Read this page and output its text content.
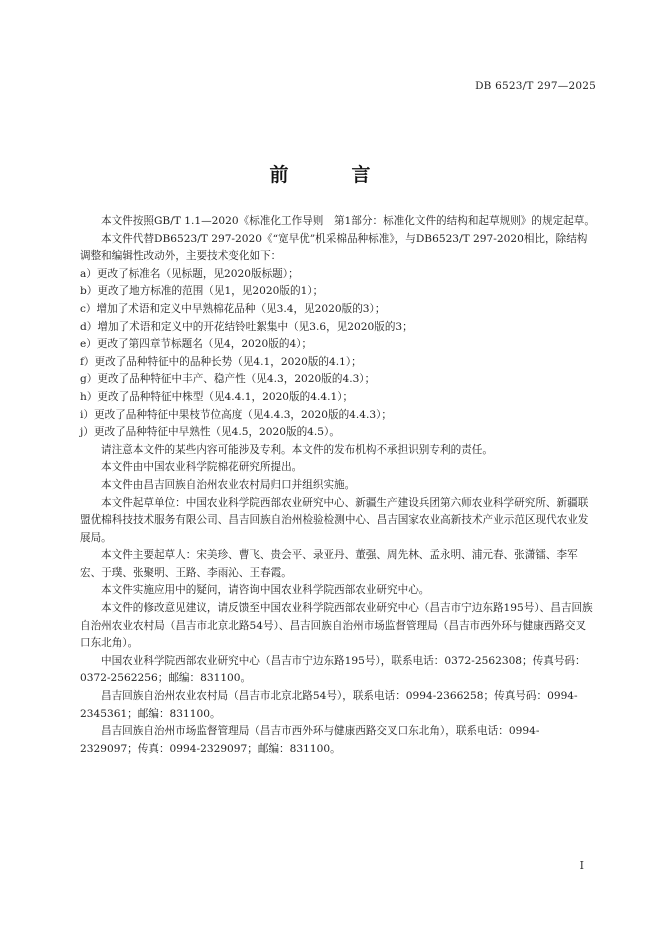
DB 6523/T 297—2025
前　言

本文件按照GB/T 1.1—2020《标准化工作导则　第1部分：标准化文件的结构和起草规则》的规定起草。

本文件代替DB6523/T 297-2020《“宽早优”机采棉品种标准》，与DB6523/T 297-2020相比，除结构调整和编辑性改动外，主要技术变化如下：

a）更改了标准名（见标题，见2020版标题）；

b）更改了地方标准的范围（见1，见2020版的1）；

c）增加了术语和定义中早熟棉花品种（见3.4，见2020版的3）；

d）增加了术语和定义中的开花结铃吐絮集中（见3.6，见2020版的3；

e）更改了第四章节标题名（见4，2020版的4）；

f）更改了品种特征中的品种长势（见4.1，2020版的4.1）；

g）更改了品种特征中丰产、稳产性（见4.3，2020版的4.3）；

h）更改了品种特征中株型（见4.4.1，2020版的4.4.1）；

i）更改了品种特征中果枝节位高度（见4.4.3，2020版的4.4.3）；

j）更改了品种特征中早熟性（见4.5，2020版的4.5）。

请注意本文件的某些内容可能涉及专利。本文件的发布机构不承担识别专利的责任。

本文件由中国农业科学院棉花研究所提出。

本文件由昌吉回族自治州农业农村局归口并组织实施。

本文件起草单位：中国农业科学院西部农业研究中心、新疆生产建设兵团第六师农业科学研究所、新疆联盟优棉科技技术服务有限公司、昌吉回族自治州检验检测中心、昌吉国家农业高新技术产业示范区现代农业发展局。

本文件主要起草人：宋美珍、曹飞、贵会平、录亚丹、董强、周先林、孟永明、浦元春、张潇镭、李军宏、于璞、张聚明、王路、李雨沁、王春霞。

本文件实施应用中的疑问，请咨询中国农业科学院西部农业研究中心。

本文件的修改意见建议，请反馈至中国农业科学院西部农业研究中心（昌吉市宁边东路195号）、昌吉回族自治州农业农村局（昌吉市北京北路54号）、昌吉回族自治州市场监督管理局（昌吉市西外环与健康西路交叉口东北角）。

中国农业科学院西部农业研究中心（昌吉市宁边东路195号），联系电话：0372-2562308；传真号码：0372-2562256；邮编：831100。

昌吉回族自治州农业农村局（昌吉市北京北路54号），联系电话：0994-2366258；传真号码：0994-2345361；邮编：831100。

昌吉回族自治州市场监督管理局（昌吉市西外环与健康西路交叉口东北角），联系电话：0994-2329097；传真：0994-2329097；邮编：831100。

I
